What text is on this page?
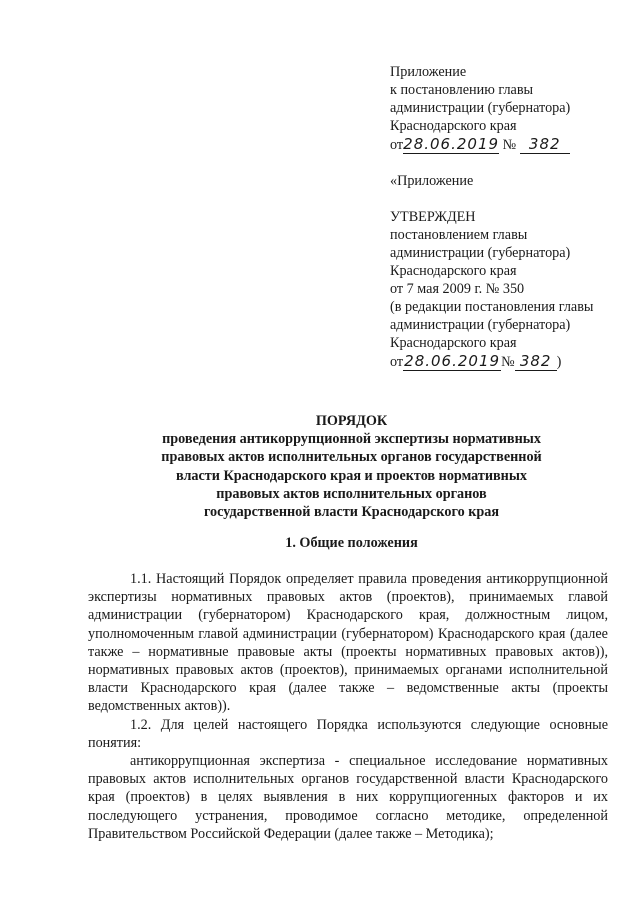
Приложение
к постановлению главы
администрации (губернатора)
Краснодарского края
от28.06.2019 № 382
«Приложение
УТВЕРЖДЕН
постановлением главы
администрации (губернатора)
Краснодарского края
от 7 мая 2009 г. № 350
(в редакции постановления главы
администрации (губернатора)
Краснодарского края
от28.06.2019№ 382 )
ПОРЯДОК
проведения антикоррупционной экспертизы нормативных
правовых актов исполнительных органов государственной
власти Краснодарского края и проектов нормативных
правовых актов исполнительных органов
государственной власти Краснодарского края
1. Общие положения

1.1. Настоящий Порядок определяет правила проведения антикоррупционной экспертизы нормативных правовых актов (проектов), принимаемых главой администрации (губернатором) Краснодарского края, должностным лицом, уполномоченным главой администрации (губернатором) Краснодарского края (далее также – нормативные правовые акты (проекты нормативных правовых актов)), нормативных правовых актов (проектов), принимаемых органами исполнительной власти Краснодарского края (далее также – ведомственные акты (проекты ведомственных актов)).

1.2. Для целей настоящего Порядка используются следующие основные понятия:

антикоррупционная экспертиза - специальное исследование нормативных правовых актов исполнительных органов государственной власти Краснодарского края (проектов) в целях выявления в них коррупциогенных факторов и их последующего устранения, проводимое согласно методике, определенной Правительством Российской Федерации (далее также – Методика);
